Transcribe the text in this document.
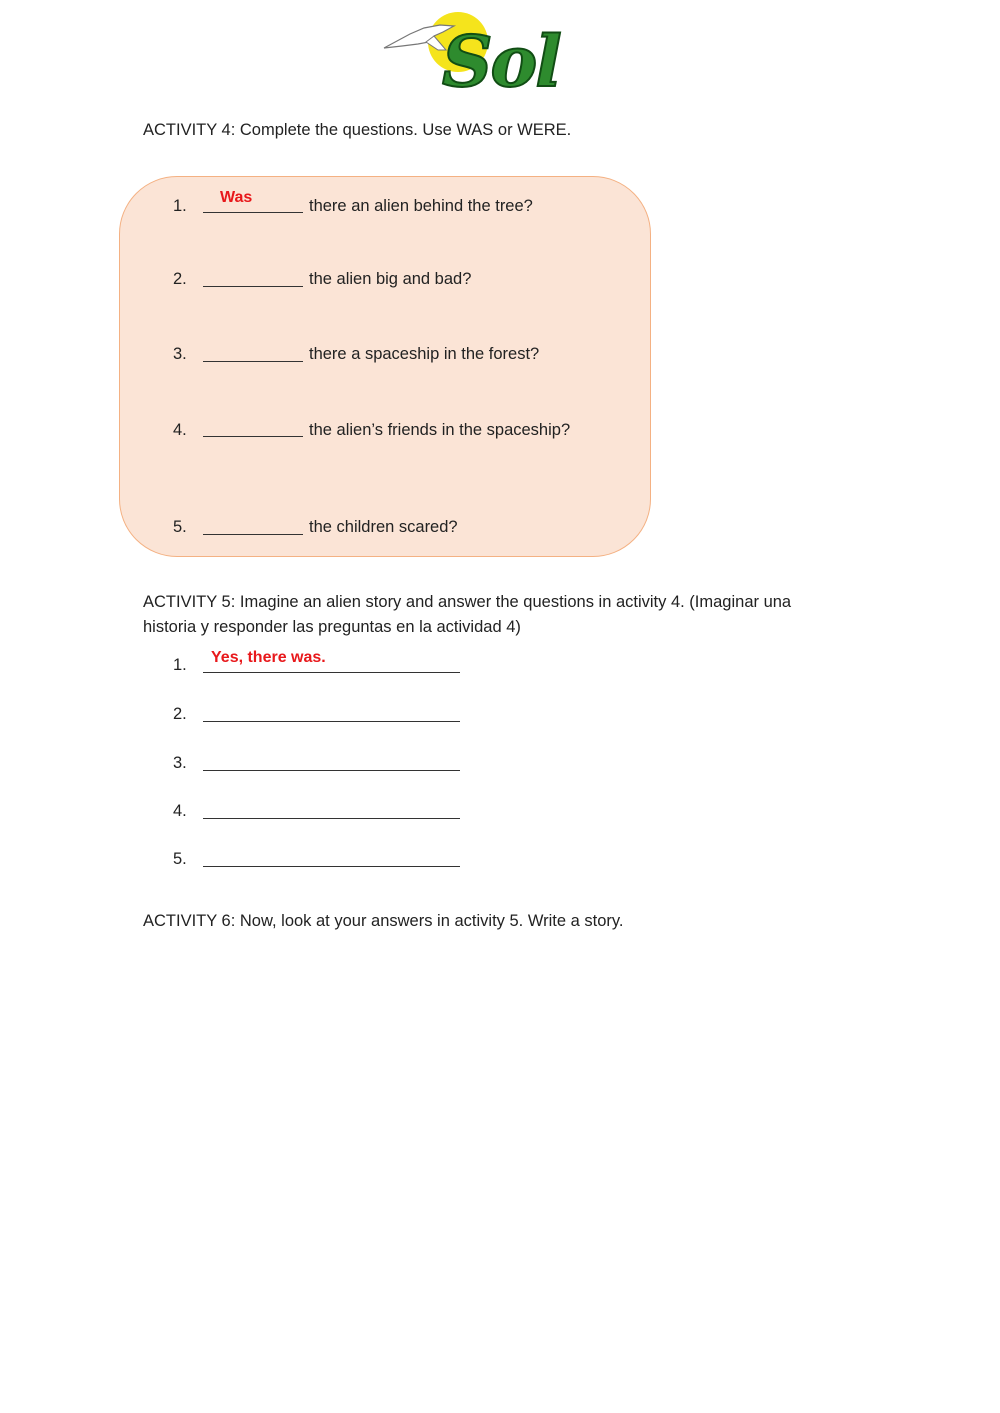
Sol
ACTIVITY 4: Complete the questions. Use WAS or WERE.
1. Was	there an alien behind the tree?
2.	the alien big and bad?
3.	there a spaceship in the forest?
4.	the alien’s friends in the spaceship?
5.	the children scared?
ACTIVITY 5: Imagine an alien story and answer the questions in activity 4. (Imaginar una
historia y responder las preguntas en la actividad 4)
1. Yes, there was.
2.
3.
4.
5.
ACTIVITY 6: Now, look at your answers in activity 5. Write a story.
